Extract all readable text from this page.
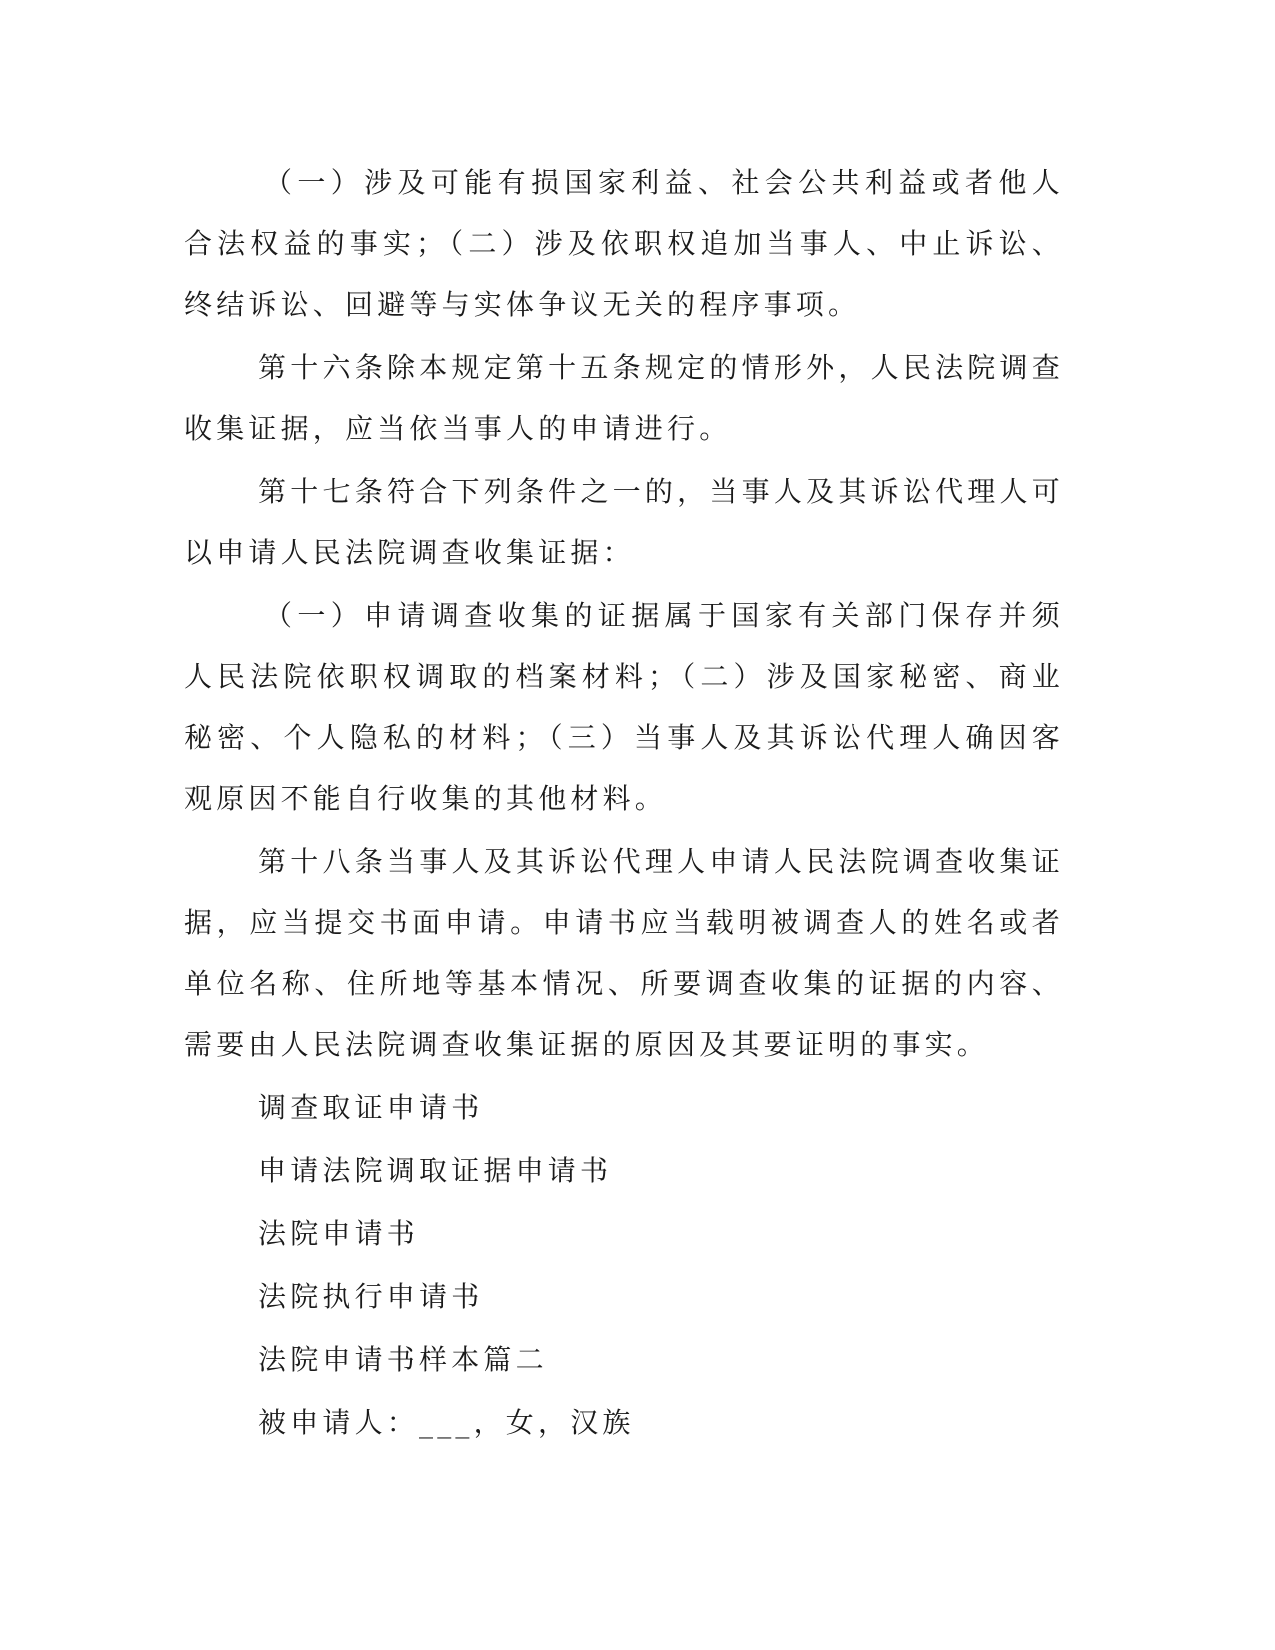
（一）涉及可能有损国家利益、社会公共利益或者他人合法权益的事实；（二）涉及依职权追加当事人、中止诉讼、终结诉讼、回避等与实体争议无关的程序事项。

第十六条除本规定第十五条规定的情形外，人民法院调查收集证据，应当依当事人的申请进行。

第十七条符合下列条件之一的，当事人及其诉讼代理人可以申请人民法院调查收集证据：

（一）申请调查收集的证据属于国家有关部门保存并须人民法院依职权调取的档案材料；（二）涉及国家秘密、商业秘密、个人隐私的材料；（三）当事人及其诉讼代理人确因客观原因不能自行收集的其他材料。

第十八条当事人及其诉讼代理人申请人民法院调查收集证据，应当提交书面申请。申请书应当载明被调查人的姓名或者单位名称、住所地等基本情况、所要调查收集的证据的内容、需要由人民法院调查收集证据的原因及其要证明的事实。

调查取证申请书

申请法院调取证据申请书

法院申请书

法院执行申请书

法院申请书样本篇二

被申请人：___，女，汉族
